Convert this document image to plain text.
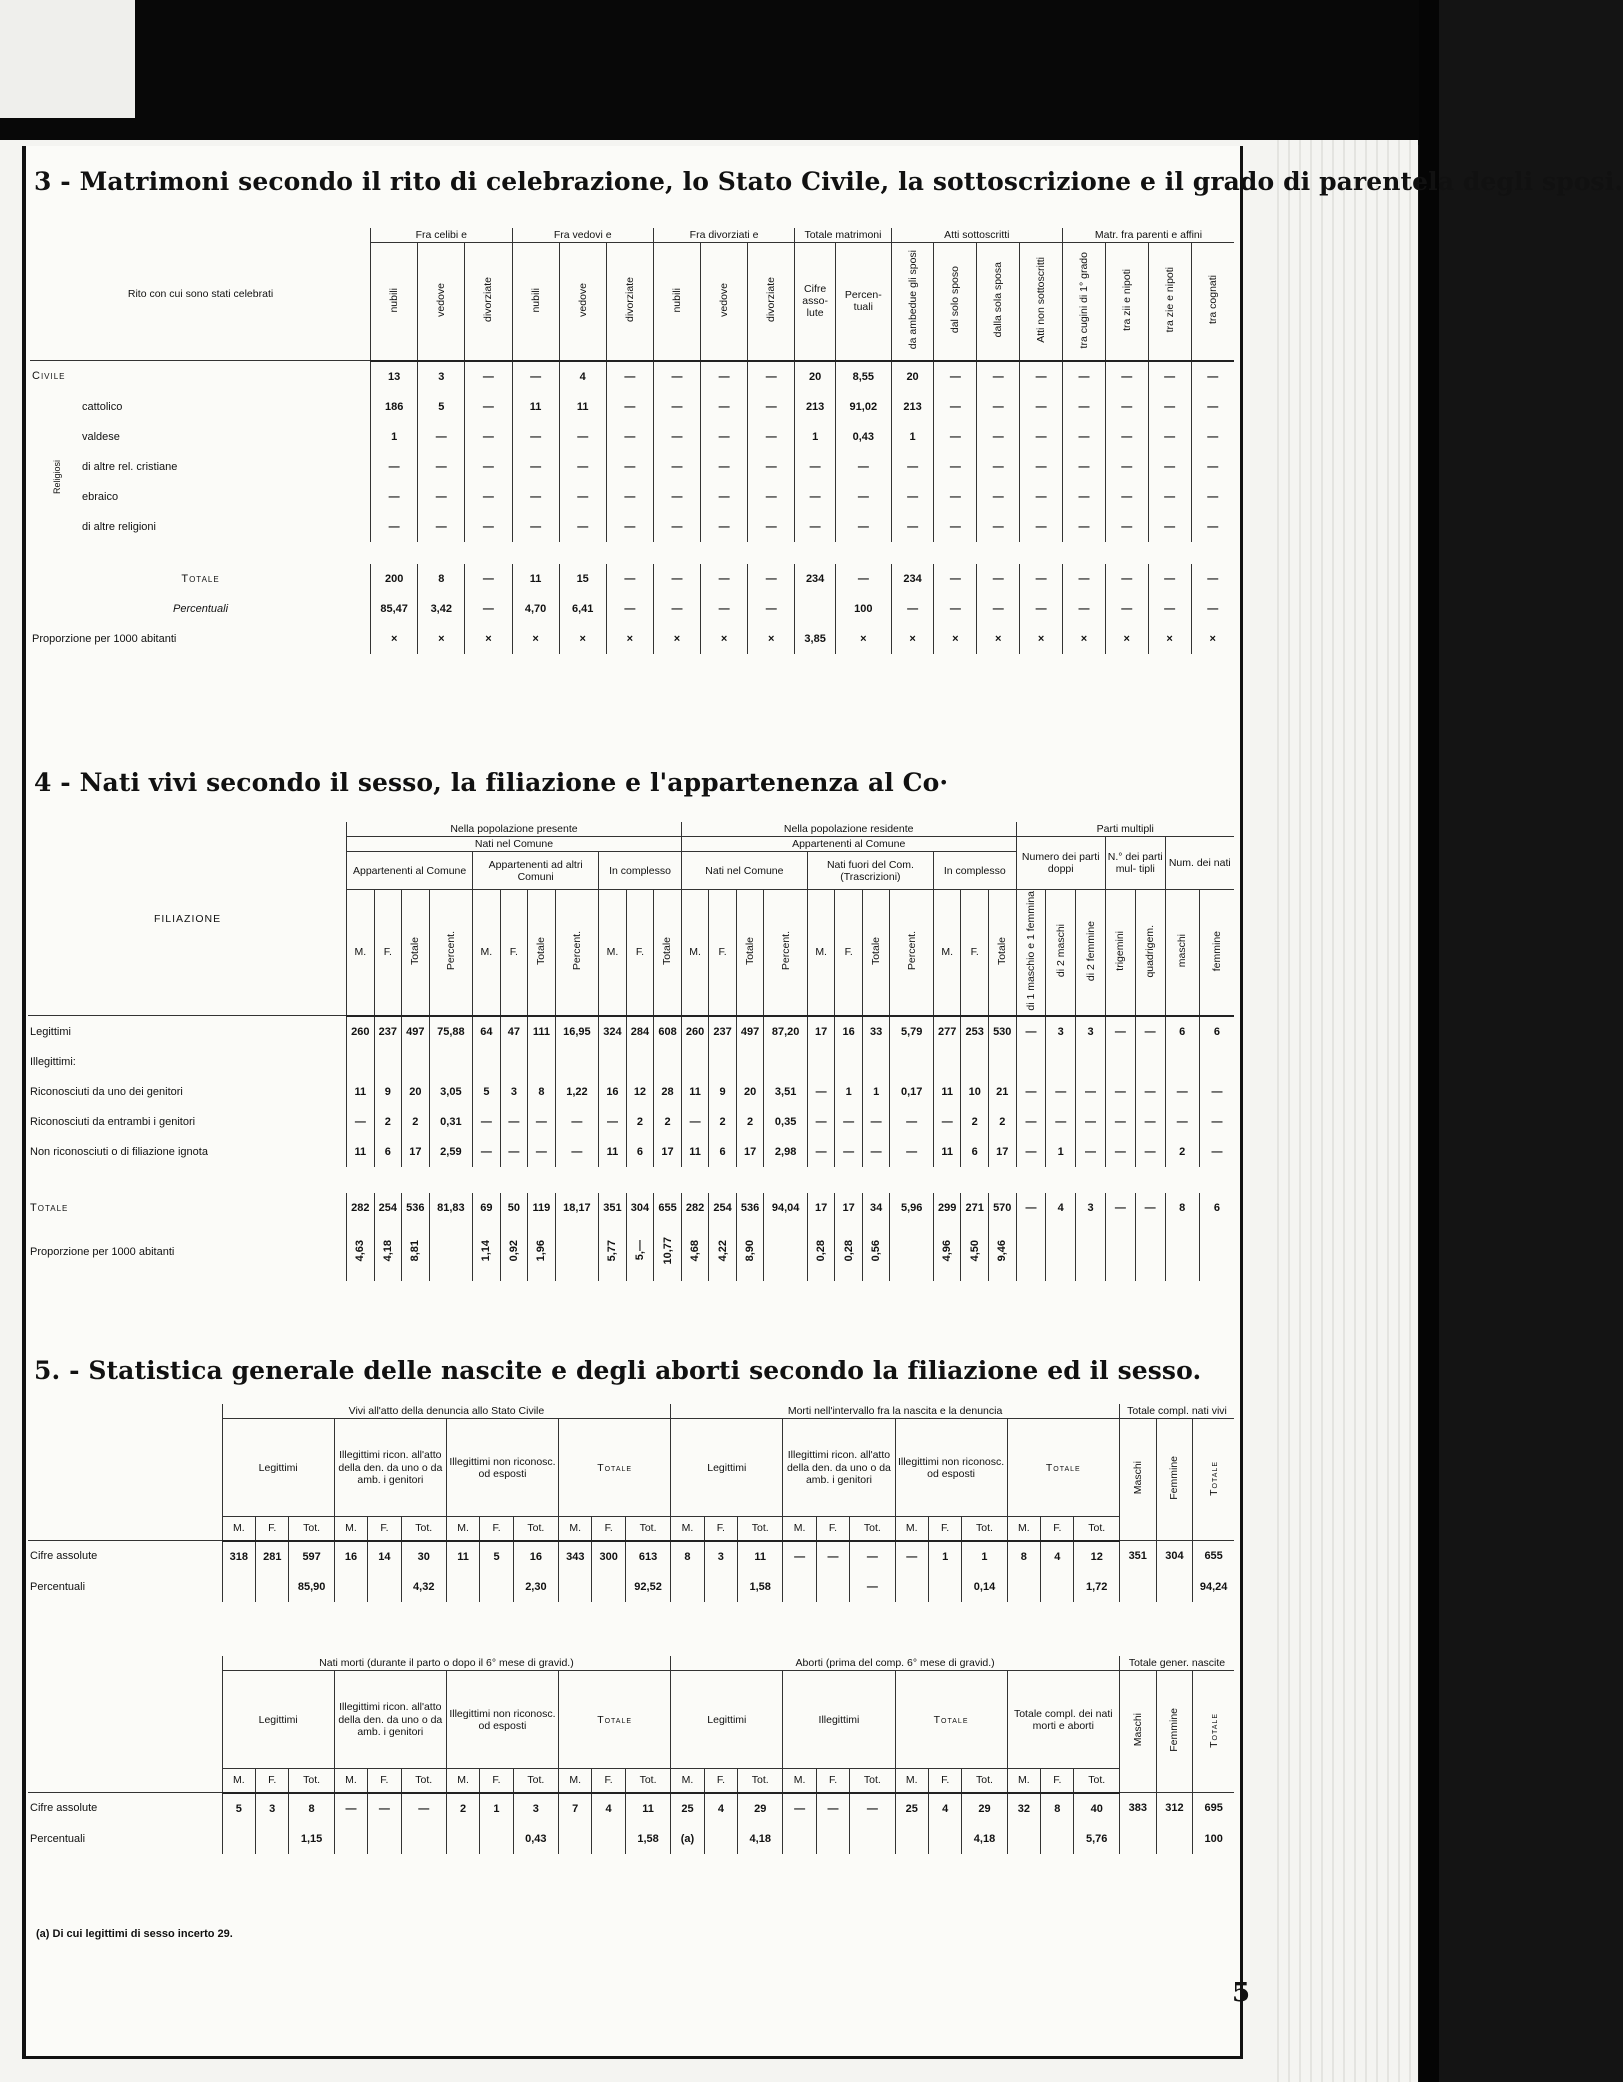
5
3 - Matrimoni secondo il rito di celebrazione, lo Stato Civile, la sottoscrizione e il grado di parentela degli sposi.
Rito con cui sono stati celebrati	Fra celibi e			Fra vedovi e			Fra divorziati e			Totale matrimoni		Atti sottoscritti				Matr. fra parenti e affini			
	nubili	vedove	divorziate	nubili	vedove	divorziate	nubili	vedove	divorziate	Cifre asso- lute	Percen- tuali	da ambedue gli sposi	dal solo sposo	dalla sola sposa	Atti non sottoscritti	tra cugini di 1° grado	tra zii e nipoti	tra zie e nipoti	tra cognati
Civile	13	3	—	—	4	—	—	—	—	20	8,55	20	—	—	—	—	—	—	—
cattolico	186	5	—	11	11	—	—	—	—	213	91,02	213	—	—	—	—	—	—	—
valdese	1	—	—	—	—	—	—	—	—	1	0,43	1	—	—	—	—	—	—	—
di altre rel. cristiane	—	—	—	—	—	—	—	—	—	—	—	—	—	—	—	—	—	—	—
ebraico	—	—	—	—	—	—	—	—	—	—	—	—	—	—	—	—	—	—	—
di altre religioni	—	—	—	—	—	—	—	—	—	—	—	—	—	—	—	—	—	—	—

Totale	200	8	—	11	15	—	—	—	—	234	—	234	—	—	—	—	—	—	—
Percentuali	85,47	3,42	—	4,70	6,41	—	—	—	—		100	—	—	—	—	—	—	—	—
Proporzione per 1000 abitanti	×	×	×	×	×	×	×	×	×	3,85	×	×	×	×	×	×	×	×	×
Religiosi
4 - Nati vivi secondo il sesso, la filiazione e l'appartenenza al Co·
FILIAZIONE	Nella popolazione presente											Nella popolazione residente											Parti multipli						
	Nati nel Comune											Appartenenti al Comune											Numero dei parti doppi			N.° dei parti mul- tipli		Num. dei nati	
	Appartenenti al Comune				Appartenenti ad altri Comuni				In complesso			Nati nel Comune				Nati fuori del Com. (Trascrizioni)				In complesso									
	M.	F.	Totale	Percent.	M.	F.	Totale	Percent.	M.	F.	Totale	M.	F.	Totale	Percent.	M.	F.	Totale	Percent.	M.	F.	Totale	di 1 maschio e 1 femmina	di 2 maschi	di 2 femmine	trigemini	quadrigem.	maschi	femmine
Legittimi	260	237	497	75,88	64	47	111	16,95	324	284	608	260	237	497	87,20	17	16	33	5,79	277	253	530	—	3	3	—	—	6	6
Illegittimi:																													
Riconosciuti da uno dei genitori	11	9	20	3,05	5	3	8	1,22	16	12	28	11	9	20	3,51	—	1	1	0,17	11	10	21	—	—	—	—	—	—	—
Riconosciuti da entrambi i genitori	—	2	2	0,31	—	—	—	—	—	2	2	—	2	2	0,35	—	—	—	—	—	2	2	—	—	—	—	—	—	—
Non riconosciuti o di filiazione ignota	11	6	17	2,59	—	—	—	—	11	6	17	11	6	17	2,98	—	—	—	—	11	6	17	—	1	—	—	—	2	—

Totale	282	254	536	81,83	69	50	119	18,17	351	304	655	282	254	536	94,04	17	17	34	5,96	299	271	570	—	4	3	—	—	8	6
Proporzione per 1000 abitanti	4,63	4,18	8,81		1,14	0,92	1,96		5,77	5,—	10,77	4,68	4,22	8,90		0,28	0,28	0,56		4,96	4,50	9,46							
5. - Statistica generale delle nascite e degli aborti secondo la filiazione ed il sesso.
	Vivi all'atto della denuncia allo Stato Civile												Morti nell'intervallo fra la nascita e la denuncia												Totale compl. nati vivi		
	Legittimi			Illegittimi ricon. all'atto della den. da uno o da amb. i genitori			Illegittimi non riconosc. od esposti			Totale			Legittimi			Illegittimi ricon. all'atto della den. da uno o da amb. i genitori			Illegittimi non riconosc. od esposti			Totale			Maschi	Femmine	Totale
	M.	F.	Tot.	M.	F.	Tot.	M.	F.	Tot.	M.	F.	Tot.	M.	F.	Tot.	M.	F.	Tot.	M.	F.	Tot.	M.	F.	Tot.			
Cifre assolute	318	281	597	16	14	30	11	5	16	343	300	613	8	3	11	—	—	—	—	1	1	8	4	12	351	304	655
Percentuali			85,90			4,32			2,30			92,52			1,58			—			0,14			1,72			94,24
	Nati morti (durante il parto o dopo il 6° mese di gravid.)												Aborti (prima del comp. 6° mese di gravid.)												Totale gener. nascite		
	Legittimi			Illegittimi ricon. all'atto della den. da uno o da amb. i genitori			Illegittimi non riconosc. od esposti			Totale			Legittimi			Illegittimi			Totale			Totale compl. dei nati morti e aborti			Maschi	Femmine	Totale
	M.	F.	Tot.	M.	F.	Tot.	M.	F.	Tot.	M.	F.	Tot.	M.	F.	Tot.	M.	F.	Tot.	M.	F.	Tot.	M.	F.	Tot.			
Cifre assolute	5	3	8	—	—	—	2	1	3	7	4	11	25	4	29	—	—	—	25	4	29	32	8	40	383	312	695
Percentuali			1,15						0,43			1,58	(a)		4,18						4,18			5,76			100
(a) Di cui legittimi di sesso incerto 29.
